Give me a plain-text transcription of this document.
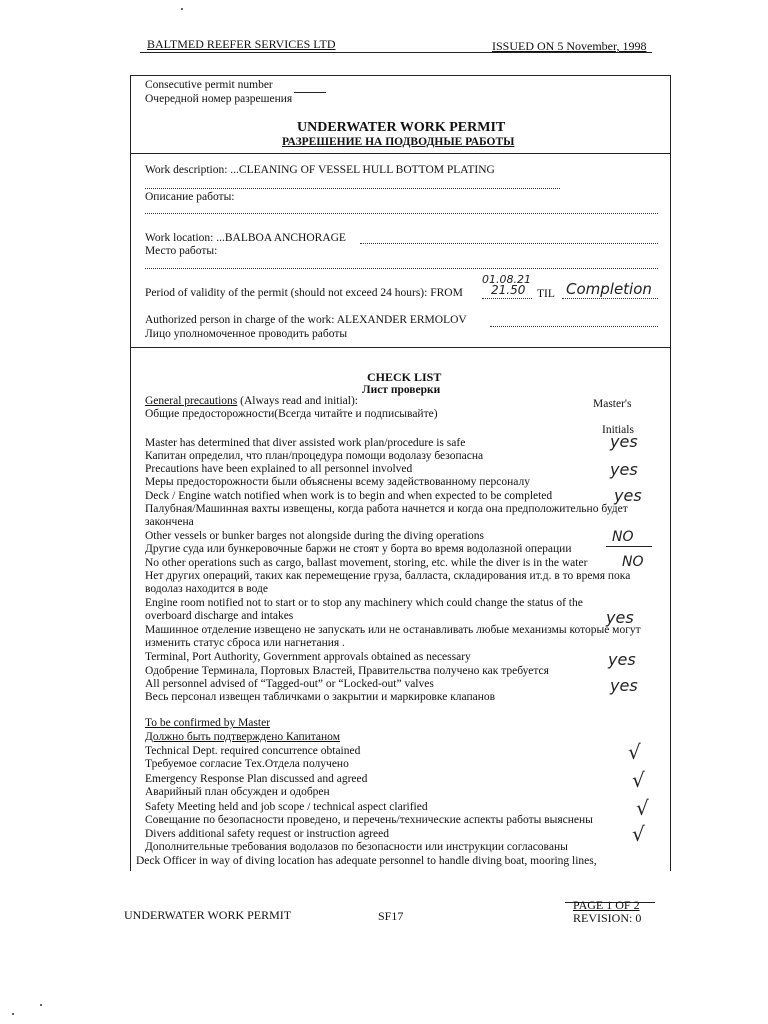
BALTMED REEFER SERVICES LTD	ISSUED ON 5 November, 1998
Consecutive permit number
Очередной номер разрешения
UNDERWATER WORK PERMIT
РАЗРЕШЕНИЕ НА ПОДВОДНЫЕ РАБОТЫ
Work description: ...CLEANING OF VESSEL HULL BOTTOM PLATING
Описание работы:
Work location: ...BALBOA ANCHORAGE
Место работы:
Period of validity of the permit (should not exceed 24 hours): FROM
01.08.21
21.50 TIL Completion
Authorized person in charge of the work: ALEXANDER ERMOLOV
Лицо уполномоченное проводить работы
CHECK LIST
Лист проверки
General precautions (Always read and initial):
Общие предосторожности(Всегда читайте и подписывайте)
Master's
Initials
Master has determined that diver assisted work plan/procedure is safe
Капитан определил, что план/процедура помощи водолазу безопасна
yes
Precautions have been explained to all personnel involved
Меры предосторожности были объяснены всему задействованному персоналу
yes
Deck / Engine watch notified when work is to begin and when expected to be completed
Палубная/Машинная вахты извещены, когда работа начнется и когда она предположительно будет
закончена
yes
Other vessels or bunker barges not alongside during the diving operations
Другие суда или бункеровочные баржи не стоят у борта во время водолазной операции
NO
No other operations such as cargo, ballast movement, storing, etc. while the diver is in the water NO
Нет других операций, таких как перемещение груза, балласта, складирования ит.д. в то время пока
водолаз находится в воде
Engine room notified not to start or to stop any machinery which could change the status of the
overboard discharge and intakes
Машинное отделение извещено не запускать или не останавливать любые механизмы которые могут
изменить статус сброса или нагнетания .
yes
Terminal, Port Authority, Government approvals obtained as necessary
Одобрение Терминала, Портовых Властей, Правительства получено как требуется
yes
All personnel advised of “Tagged-out” or “Locked-out” valves
Весь персонал извещен табличками о закрытии и маркировке клапанов
yes
To be confirmed by Master
Должно быть подтверждено Капитаном
Technical Dept. required concurrence obtained
Требуемое согласие Тех.Отдела получено	√
Emergency Response Plan discussed and agreed
Аварийный план обсужден и одобрен	√
Safety Meeting held and job scope / technical aspect clarified
Совещание по безопасности проведено, и перечень/технические аспекты работы выяснены √
Divers additional safety request or instruction agreed
Дополнительные требования водолазов по безопасности или инструкции согласованы
√
Deck Officer in way of diving location has adequate personnel to handle diving boat, mooring lines,
PAGE 1 OF 2
UNDERWATER WORK PERMIT	SF17	REVISION: 0
